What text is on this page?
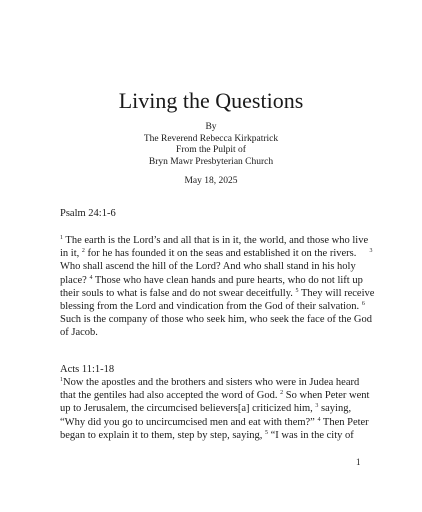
Living the Questions
By
The Reverend Rebecca Kirkpatrick
From the Pulpit of
Bryn Mawr Presbyterian Church
May 18, 2025
Psalm 24:1-6
$^1$ The earth is the Lord’s and all that is in it, the world, and those who live
in it, $^2$ for he has founded it on the seas and established it on the rivers.     $^3$
Who shall ascend the hill of the Lord? And who shall stand in his holy
place? $^4$ Those who have clean hands and pure hearts, who do not lift up
their souls to what is false and do not swear deceitfully. $^5$ They will receive
blessing from the Lord and vindication from the God of their salvation. $^6$
Such is the company of those who seek him, who seek the face of the God
of Jacob.
Acts 11:1-18
$^1$Now the apostles and the brothers and sisters who were in Judea heard
that the gentiles had also accepted the word of God. $^2$ So when Peter went
up to Jerusalem, the circumcised believers[a] criticized him, $^3$ saying,
“Why did you go to uncircumcised men and eat with them?” $^4$ Then Peter
began to explain it to them, step by step, saying, $^5$ “I was in the city of
1
